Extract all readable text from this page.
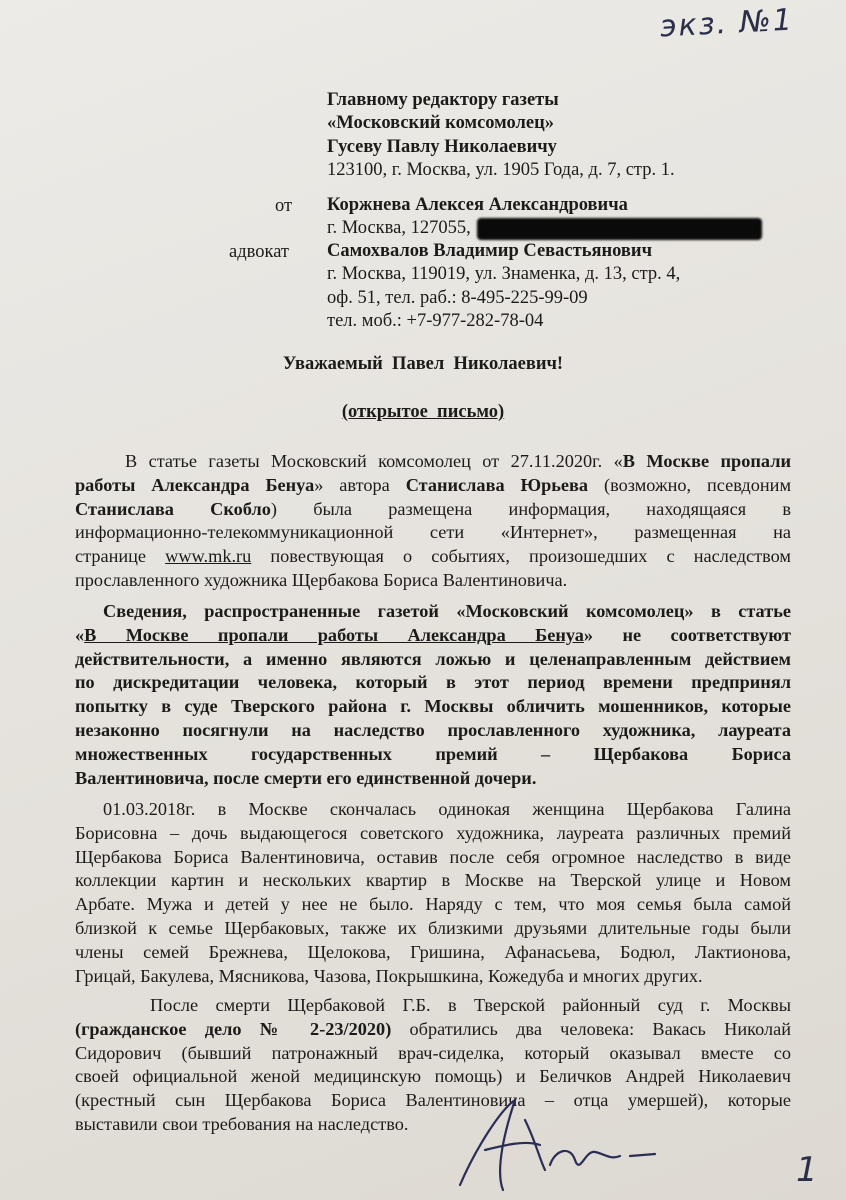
экз. №1
Главному редактору газеты
«Московский комсомолец»
Гусеву Павлу Николаевичу
123100, г. Москва, ул. 1905 Года, д. 7, стр. 1.
от Коржнева Алексея Александровича
г. Москва, 127055,
адвокат Самохвалов Владимир Севастьянович
г. Москва, 119019, ул. Знаменка, д. 13, стр. 4,
оф. 51, тел. раб.: 8-495-225-99-09
тел. моб.: +7-977-282-78-04
Уважаемый  Павел  Николаевич!
(открытое  письмо)
В статье газеты Московский комсомолец от 27.11.2020г. «В Москве пропали
работы Александра Бенуа» автора Станислава Юрьева (возможно, псевдоним
Станислава Скобло) была размещена информация, находящаяся в
информационно-телекоммуникационной сети «Интернет», размещенная на
странице www.mk.ru повествующая о событиях, произошедших с наследством
прославленного художника Щербакова Бориса Валентиновича.
Сведения, распространенные газетой «Московский комсомолец» в статье
«В Москве пропали работы Александра Бенуа» не соответствуют
действительности, а именно являются ложью и целенаправленным действием
по дискредитации человека, который в этот период времени предпринял
попытку в суде Тверского района г. Москвы обличить мошенников, которые
незаконно посягнули на наследство прославленного художника, лауреата
множественных государственных премий – Щербакова Бориса
Валентиновича, после смерти его единственной дочери.
01.03.2018г. в Москве скончалась одинокая женщина Щербакова Галина
Борисовна – дочь выдающегося советского художника, лауреата различных премий
Щербакова Бориса Валентиновича, оставив после себя огромное наследство в виде
коллекции картин и нескольких квартир в Москве на Тверской улице и Новом
Арбате. Мужа и детей у нее не было. Наряду с тем, что моя семья была самой
близкой к семье Щербаковых, также их близкими друзьями длительные годы были
члены семей Брежнева, Щелокова, Гришина, Афанасьева, Бодюл, Лактионова,
Грицай, Бакулева, Мясникова, Чазова, Покрышкина, Кожедуба и многих других.
После смерти Щербаковой Г.Б. в Тверской районный суд г. Москвы
(гражданское дело № 2-23/2020) обратились два человека: Вакась Николай
Сидорович (бывший патронажный врач-сиделка, который оказывал вместе со
своей официальной женой медицинскую помощь) и Беличков Андрей Николаевич
(крестный сын Щербакова Бориса Валентиновича – отца умершей), которые
выставили свои требования на наследство.
1
